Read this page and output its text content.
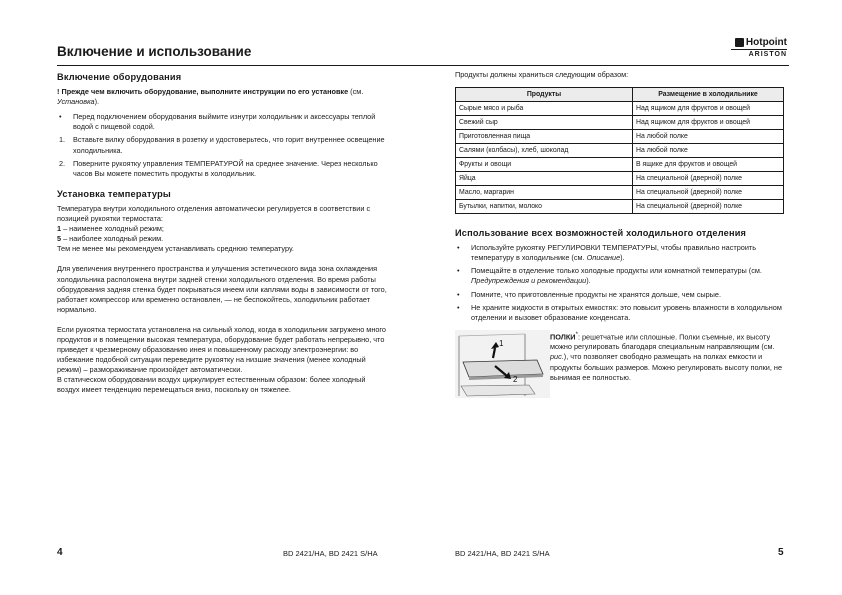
Включение и использование
Hotpoint
ARISTON
Включение оборудования

! Прежде чем включить оборудование, выполните инструкции по его установке (см. Установка).

• Перед подключением оборудования выймите изнутри холодильник и аксессуары теплой водой с пищевой содой.

1. Вставьте вилку оборудования в розетку и удостоверьтесь, что горит внутреннее освещение холодильника.

2. Поверните рукоятку управления ТЕМПЕРАТУРОЙ на среднее значение. Через несколько часов Вы можете поместить продукты в холодильник.

Установка температуры

Температура внутри холодильного отделения автоматически регулируется в соответствии с позицией рукоятки термостата:

1 – наименее холодный режим;

5 – наиболее холодный режим.

Тем не менее мы рекомендуем устанавливать среднюю температуру.

Для увеличения внутреннего пространства и улучшения эстетического вида зона охлаждения холодильника расположена внутри задней стенки холодильного отделения. Во время работы оборудования задняя стенка будет покрываться инеем или каплями воды в зависимости от того, работает компрессор или временно остановлен, — не беспокойтесь, холодильник работает нормально.

Если рукоятка термостата установлена на сильный холод, когда в холодильник загружено много продуктов и в помещении высокая температура, оборудование будет работать непрерывно, что приведет к чрезмерному образованию инея и повышенному расходу электроэнергии: во избежание подобной ситуации переведите рукоятку на низшие значения (менее холодный режим) – размораживание произойдет автоматически.

В статическом оборудовании воздух циркулирует естественным образом: более холодный воздух имеет тенденцию перемещаться вниз, поскольку он тяжелее.

Продукты должны храниться следующим образом:

Продукты	Размещение в холодильнике
Сырые мясо и рыба	Над ящиком для фруктов и овощей
Свежий сыр	Над ящиком для фруктов и овощей
Приготовленная пища	На любой полке
Салями (колбасы), хлеб, шоколад	На любой полке
Фрукты и овощи	В ящике для фруктов и овощей
Яйца	На специальной (дверной) полке
Масло, маргарин	На специальной (дверной) полке
Бутылки, напитки, молоко	На специальной (дверной) полке
Использование всех возможностей холодильного отделения

• Используйте рукоятку РЕГУЛИРОВКИ ТЕМПЕРАТУРЫ, чтобы правильно настроить температуру в холодильнике (см. Описание).

• Помещайте в отделение только холодные продукты или комнатной температуры (см. Предупреждения и рекомендации).

• Помните, что приготовленные продукты не хранятся дольше, чем сырые.

• Не храните жидкости в открытых емкостях: это повысит уровень влажности в холодильном отделении и вызовет образование конденсата.

1
2

ПОЛКИ*: решетчатые или сплошные. Полки съемные, их высоту можно регулировать благодаря специальным направляющим (см. рис.), что позволяет свободно размещать на полках емкости и продукты больших размеров. Можно регулировать высоту полки, не вынимая ее полностью.

4	BD 2421/HA, BD 2421 S/HA	BD 2421/HA, BD 2421 S/HA	5
